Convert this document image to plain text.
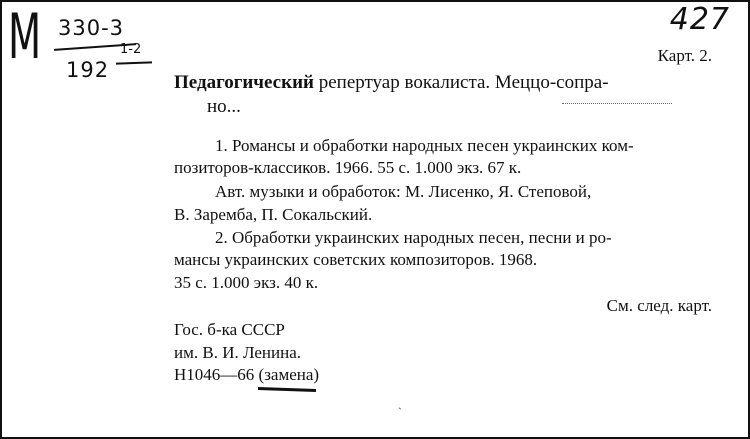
М 330-3
192
1-2
427
Карт. 2.
Педагогический репертуар вокалиста. Меццо-сопра-
но...
1. Романсы и обработки народных песен украинских ком-
позиторов-классиков. 1966. 55 с. 1.000 экз. 67 к.
Авт. музыки и обработок: М. Лисенко, Я. Степовой,
В. Заремба, П. Сокальский.
2. Обработки украинских народных песен, песни и ро-
мансы украинских советских композиторов. 1968.
35 с. 1.000 экз. 40 к.
См. след. карт.
Гос. б-ка СССР
им. В. И. Ленина.
Н1046—66 (замена)
ˏ
